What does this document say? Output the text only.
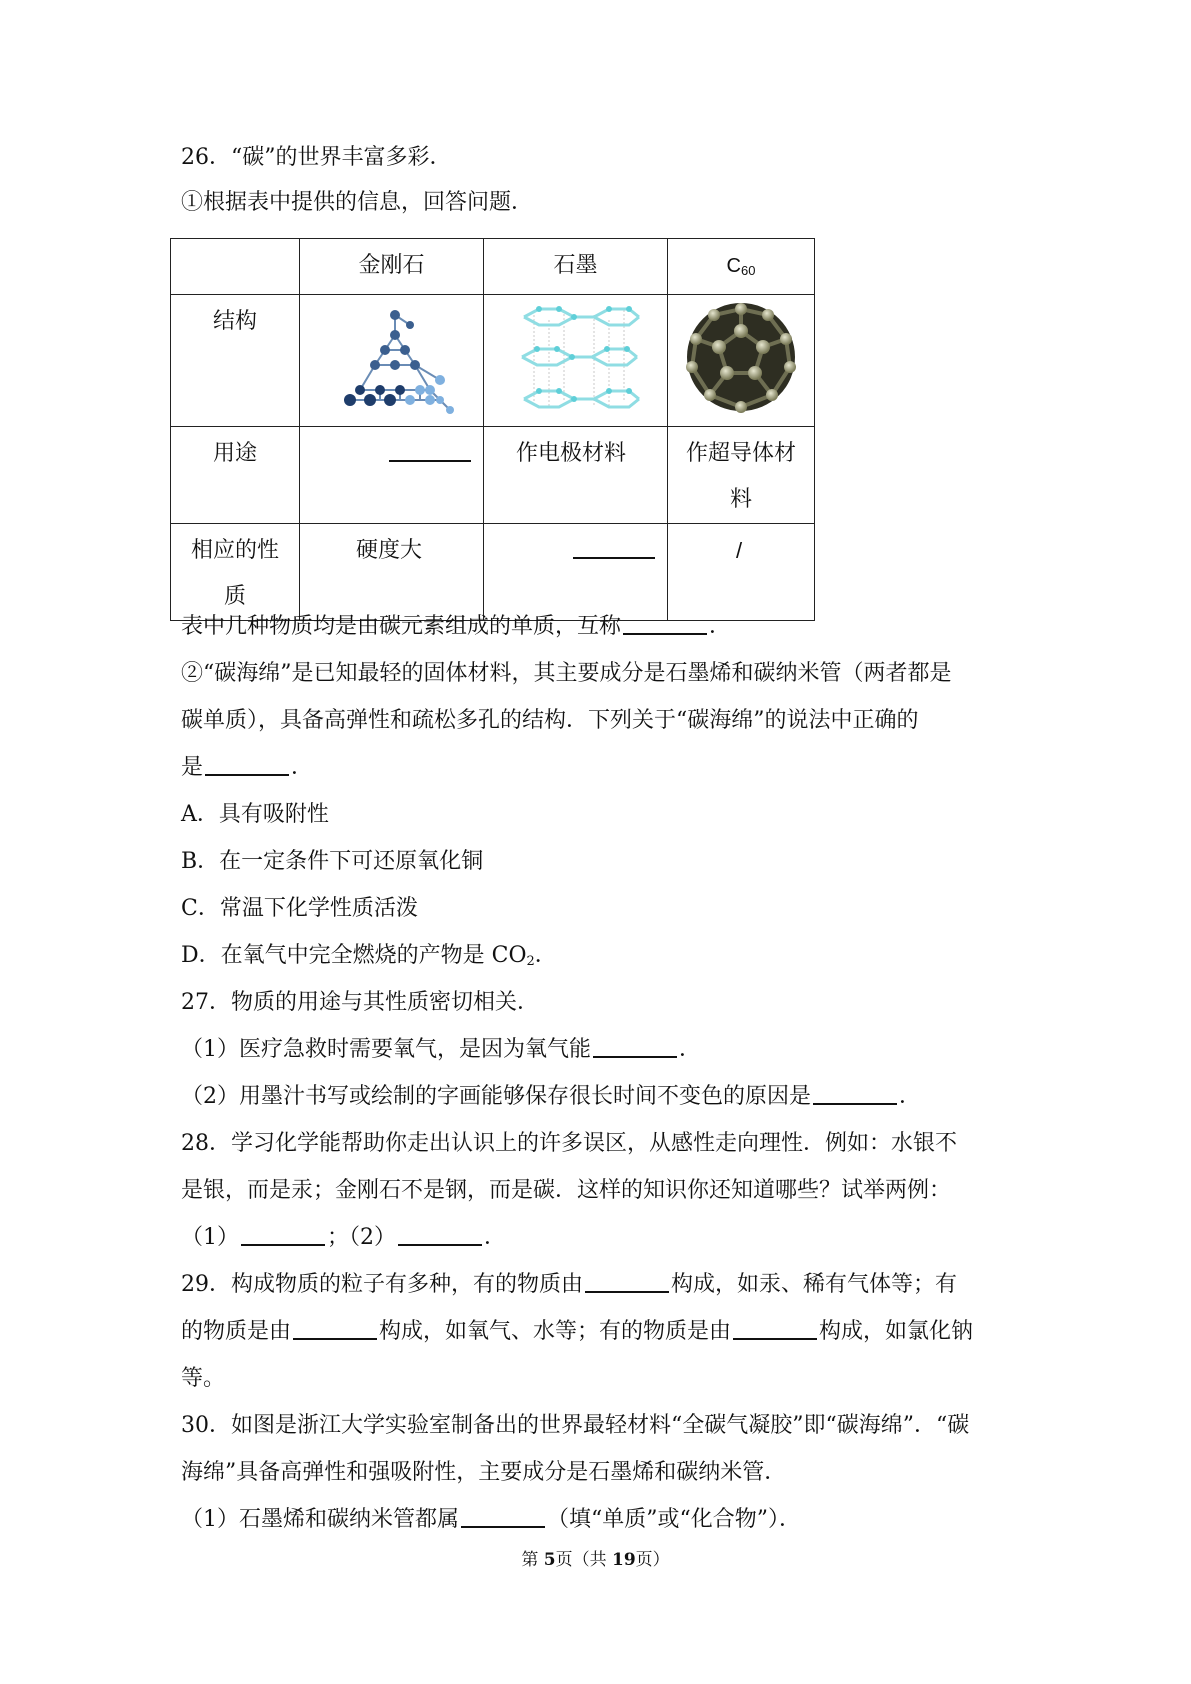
26．“碳”的世界丰富多彩．
①根据表中提供的信息，回答问题．

	金刚石	石墨	$C_{60}$

结构

用途		作电极材料	作超导体材
料

相应的性
质	硬度大		/
表中几种物质均是由碳元素组成的单质，互称	．
②“碳海绵”是已知最轻的固体材料，其主要成分是石墨烯和碳纳米管（两者都是
碳单质），具备高弹性和疏松多孔的结构．下列关于“碳海绵”的说法中正确的
是	．
A．具有吸附性
B．在一定条件下可还原氧化铜
C．常温下化学性质活泼
D．在氧气中完全燃烧的产物是 $CO_2$．
27．物质的用途与其性质密切相关．
（1）医疗急救时需要氧气，是因为氧气能	．
（2）用墨汁书写或绘制的字画能够保存很长时间不变色的原因是	．
28．学习化学能帮助你走出认识上的许多误区，从感性走向理性．例如：水银不
是银，而是汞；金刚石不是钢，而是碳．这样的知识你还知道哪些？试举两例：
（1）	；（2）	．
29．构成物质的粒子有多种，有的物质由	构成，如汞、稀有气体等；有
的物质是由	构成，如氧气、水等；有的物质是由	构成，如氯化钠
等。
30．如图是浙江大学实验室制备出的世界最轻材料“全碳气凝胶”即“碳海绵”．“碳
海绵”具备高弹性和强吸附性，主要成分是石墨烯和碳纳米管．
（1）石墨烯和碳纳米管都属	（填“单质”或“化合物”）．
第 5页（共 19页）
